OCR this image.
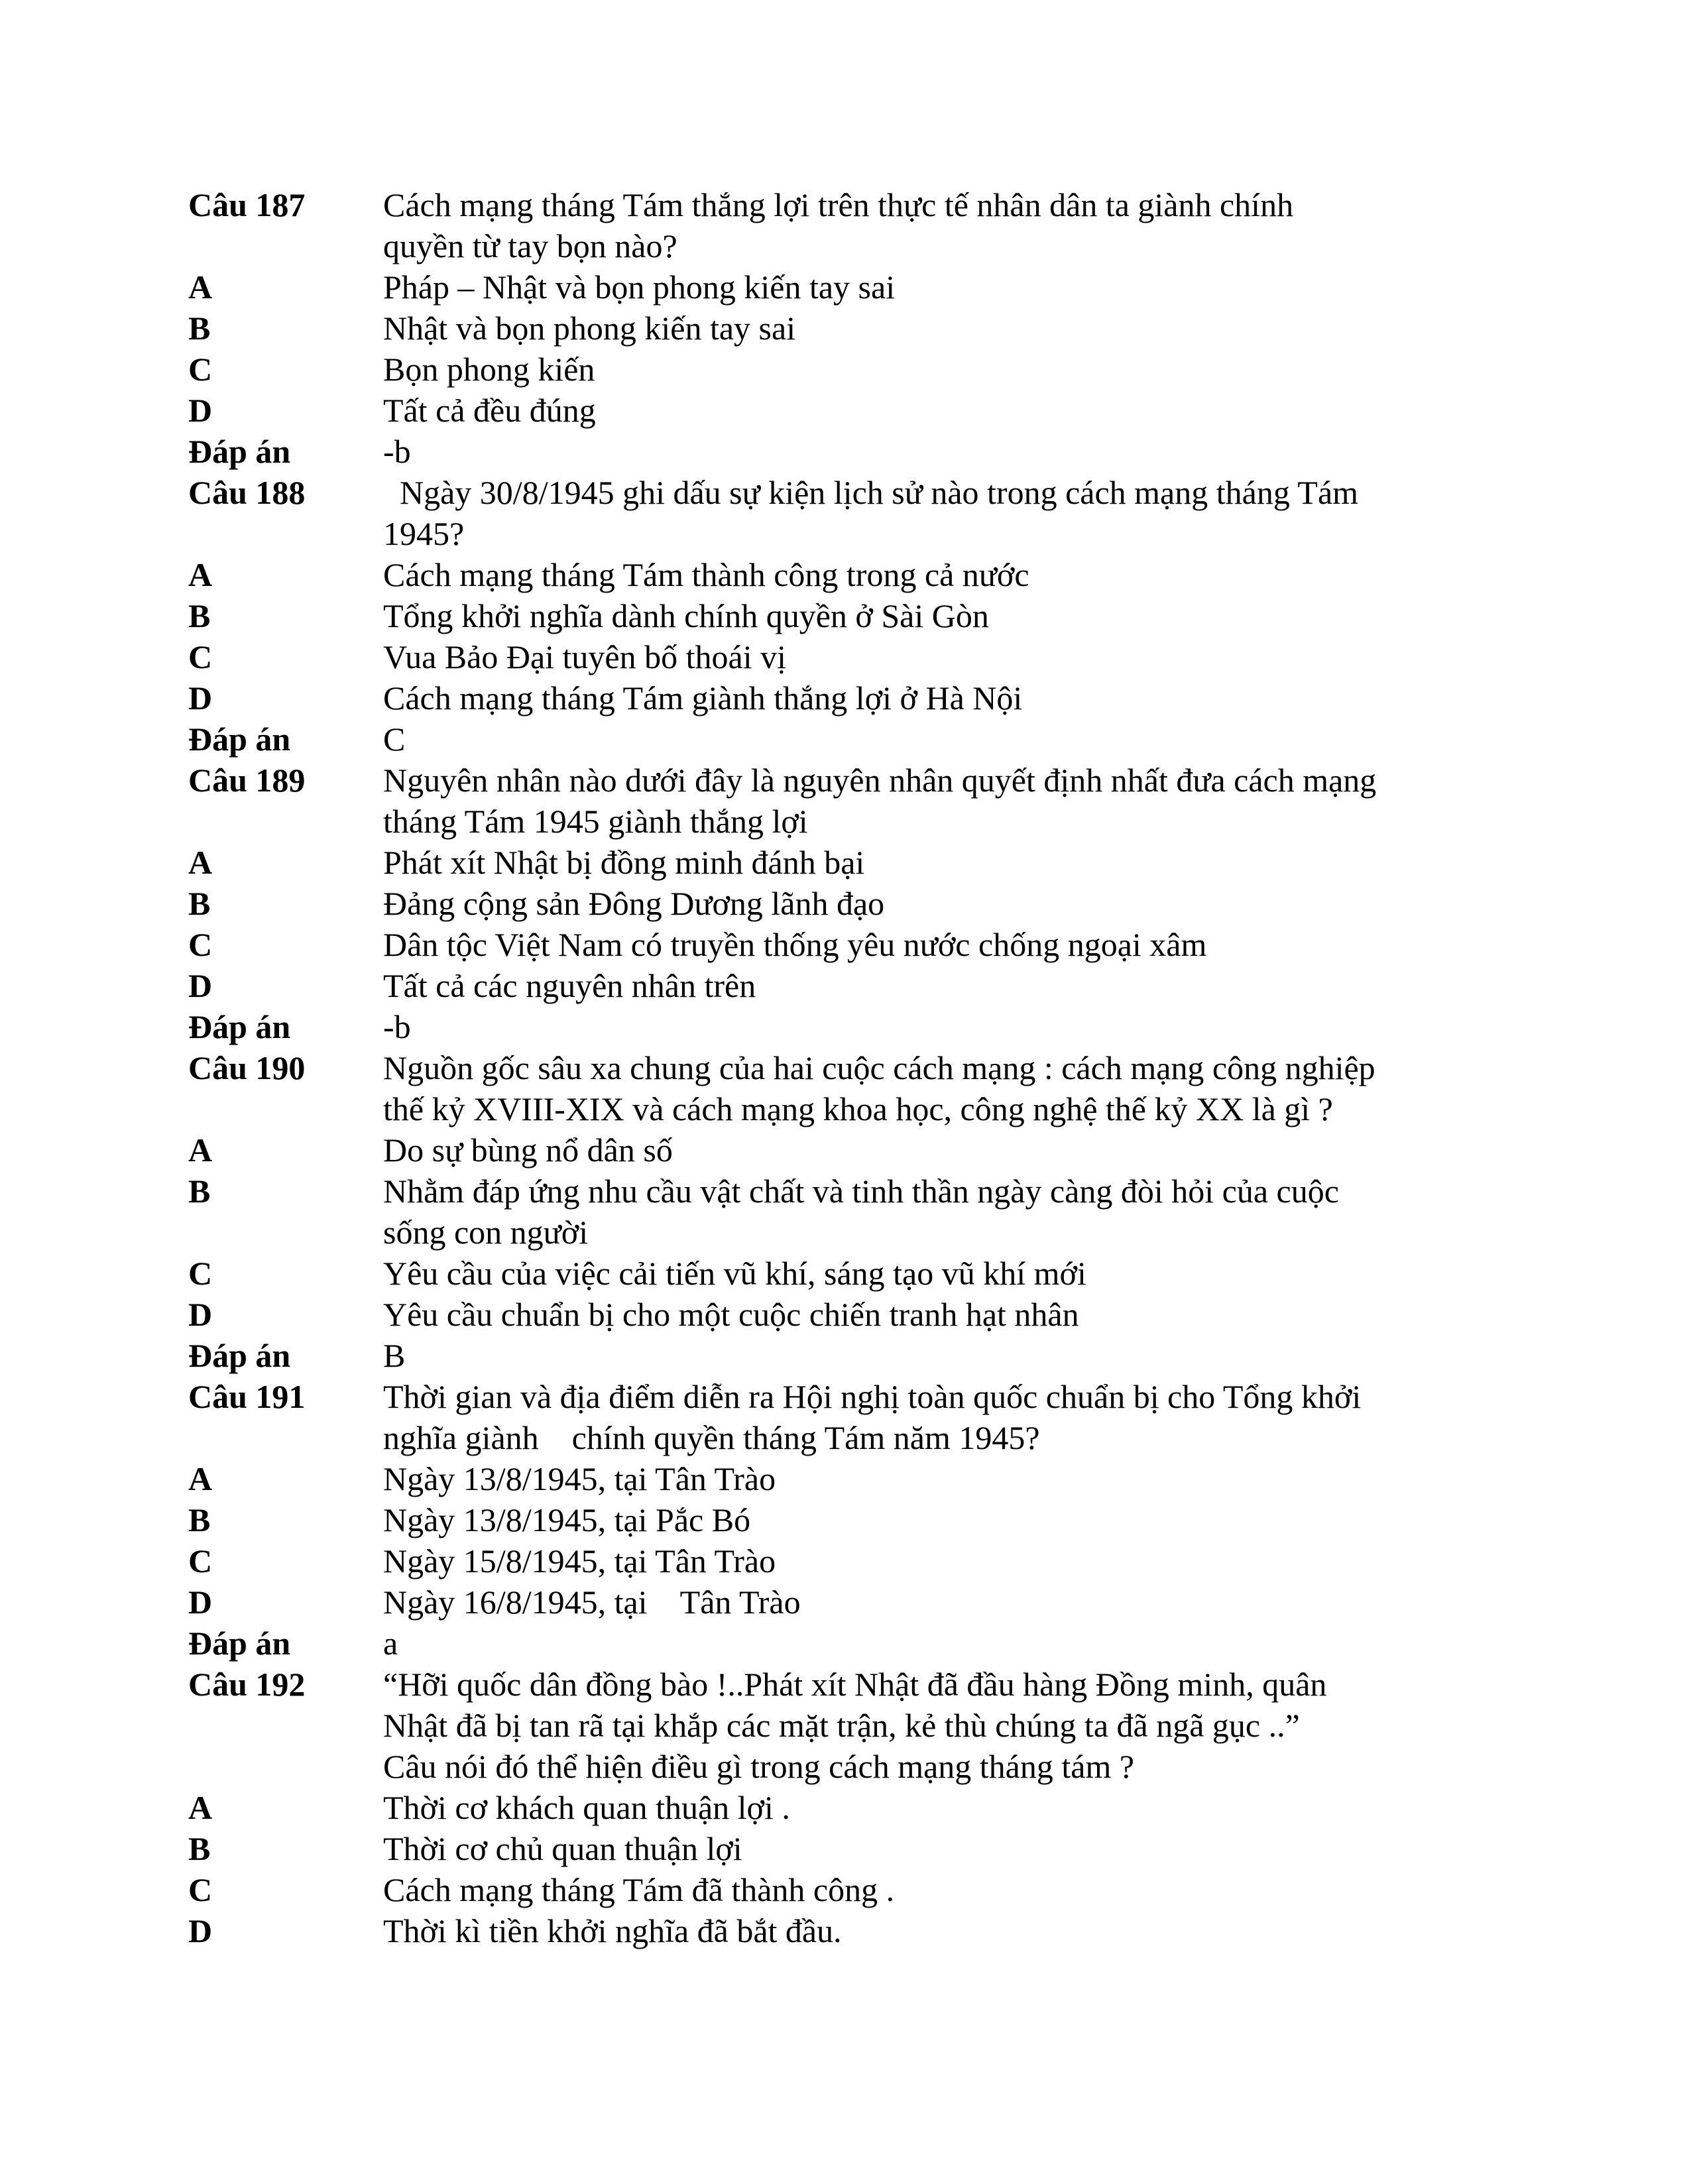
Câu 187	Cách mạng tháng Tám thắng lợi trên thực tế nhân dân ta giành chính
quyền từ tay bọn nào?
A	Pháp – Nhật và bọn phong kiến tay sai
B	Nhật và bọn phong kiến tay sai
C	Bọn phong kiến
D	Tất cả đều đúng
Đáp án	-b
Câu 188	Ngày 30/8/1945 ghi dấu sự kiện lịch sử nào trong cách mạng tháng Tám
1945?
A	Cách mạng tháng Tám thành công trong cả nước
B	Tổng khởi nghĩa dành chính quyền ở Sài Gòn
C	Vua Bảo Đại tuyên bố thoái vị
D	Cách mạng tháng Tám giành thắng lợi ở Hà Nội
Đáp án	C
Câu 189	Nguyên nhân nào dưới đây là nguyên nhân quyết định nhất đưa cách mạng
tháng Tám 1945 giành thắng lợi
A	Phát xít Nhật bị đồng minh đánh bại
B	Đảng cộng sản Đông Dương lãnh đạo
C	Dân tộc Việt Nam có truyền thống yêu nước chống ngoại xâm
D	Tất cả các nguyên nhân trên
Đáp án	-b
Câu 190	Nguồn gốc sâu xa chung của hai cuộc cách mạng : cách mạng công nghiệp
thế kỷ XVIII-XIX và cách mạng khoa học, công nghệ thế kỷ XX là gì ?
A	Do sự bùng nổ dân số
B	Nhằm đáp ứng nhu cầu vật chất và tinh thần ngày càng đòi hỏi của cuộc
sống con người
C	Yêu cầu của việc cải tiến vũ khí, sáng tạo vũ khí mới
D	Yêu cầu chuẩn bị cho một cuộc chiến tranh hạt nhân
Đáp án	B
Câu 191	Thời gian và địa điểm diễn ra Hội nghị toàn quốc chuẩn bị cho Tổng khởi
nghĩa giành    chính quyền tháng Tám năm 1945?
A	Ngày 13/8/1945, tại Tân Trào
B	Ngày 13/8/1945, tại Pắc Bó
C	Ngày 15/8/1945, tại Tân Trào
D	Ngày 16/8/1945, tại    Tân Trào
Đáp án	a
Câu 192	“Hỡi quốc dân đồng bào !..Phát xít Nhật đã đầu hàng Đồng minh, quân
Nhật đã bị tan rã tại khắp các mặt trận, kẻ thù chúng ta đã ngã gục ..”
Câu nói đó thể hiện điều gì trong cách mạng tháng tám ?
A	Thời cơ khách quan thuận lợi .
B	Thời cơ chủ quan thuận lợi
C	Cách mạng tháng Tám đã thành công .
D	Thời kì tiền khởi nghĩa đã bắt đầu.
